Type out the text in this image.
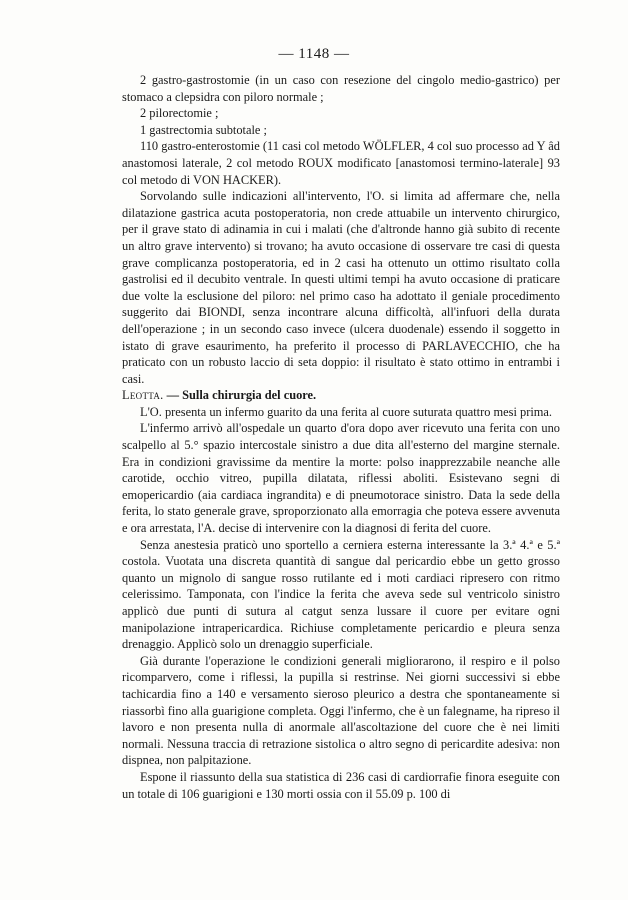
— 1148 —

2 gastro-gastrostomie (in un caso con resezione del cingolo medio-gastrico) per stomaco a clepsidra con piloro normale ;

2 pilorectomie ;

1 gastrectomia subtotale ;

110 gastro-enterostomie (11 casi col metodo WÖLFLER, 4 col suo processo ad Y âd anastomosi laterale, 2 col metodo ROUX modificato [anastomosi termino-laterale] 93 col metodo di VON HACKER).

Sorvolando sulle indicazioni all'intervento, l'O. si limita ad affermare che, nella dilatazione gastrica acuta postoperatoria, non crede attuabile un intervento chirurgico, per il grave stato di adinamia in cui i malati (che d'altronde hanno già subito di recente un altro grave intervento) si trovano; ha avuto occasione di osservare tre casi di questa grave complicanza postoperatoria, ed in 2 casi ha ottenuto un ottimo risultato colla gastrolisi ed il decubito ventrale. In questi ultimi tempi ha avuto occasione di praticare due volte la esclusione del piloro: nel primo caso ha adottato il geniale procedimento suggerito dai BIONDI, senza incontrare alcuna difficoltà, all'infuori della durata dell'operazione ; in un secondo caso invece (ulcera duodenale) essendo il soggetto in istato di grave esaurimento, ha preferito il processo di PARLAVECCHIO, che ha praticato con un robusto laccio di seta doppio: il risultato è stato ottimo in entrambi i casi.

Leotta. — Sulla chirurgia del cuore.

L'O. presenta un infermo guarito da una ferita al cuore suturata quattro mesi prima.

L'infermo arrivò all'ospedale un quarto d'ora dopo aver ricevuto una ferita con uno scalpello al 5.° spazio intercostale sinistro a due dita all'esterno del margine sternale. Era in condizioni gravissime da mentire la morte: polso inapprezzabile neanche alle carotide, occhio vitreo, pupilla dilatata, riflessi aboliti. Esistevano segni di emopericardio (aia cardiaca ingrandita) e di pneumotorace sinistro. Data la sede della ferita, lo stato generale grave, sproporzionato alla emorragia che poteva essere avvenuta e ora arrestata, l'A. decise di intervenire con la diagnosi di ferita del cuore.

Senza anestesia praticò uno sportello a cerniera esterna interessante la 3.ª 4.ª e 5.ª costola. Vuotata una discreta quantità di sangue dal pericardio ebbe un getto grosso quanto un mignolo di sangue rosso rutilante ed i moti cardiaci ripresero con ritmo celerissimo. Tamponata, con l'indice la ferita che aveva sede sul ventricolo sinistro applicò due punti di sutura al catgut senza lussare il cuore per evitare ogni manipolazione intrapericardica. Richiuse completamente pericardio e pleura senza drenaggio. Applicò solo un drenaggio superficiale.

Già durante l'operazione le condizioni generali migliorarono, il respiro e il polso ricomparvero, come i riflessi, la pupilla si restrinse. Nei giorni successivi si ebbe tachicardia fino a 140 e versamento sieroso pleurico a destra che spontaneamente si riassorbì fino alla guarigione completa. Oggi l'infermo, che è un falegname, ha ripreso il lavoro e non presenta nulla di anormale all'ascoltazione del cuore che è nei limiti normali. Nessuna traccia di retrazione sistolica o altro segno di pericardite adesiva: non dispnea, non palpitazione.

Espone il riassunto della sua statistica di 236 casi di cardiorrafie finora eseguite con un totale di 106 guarigioni e 130 morti ossia con il 55.09 p. 100 di
